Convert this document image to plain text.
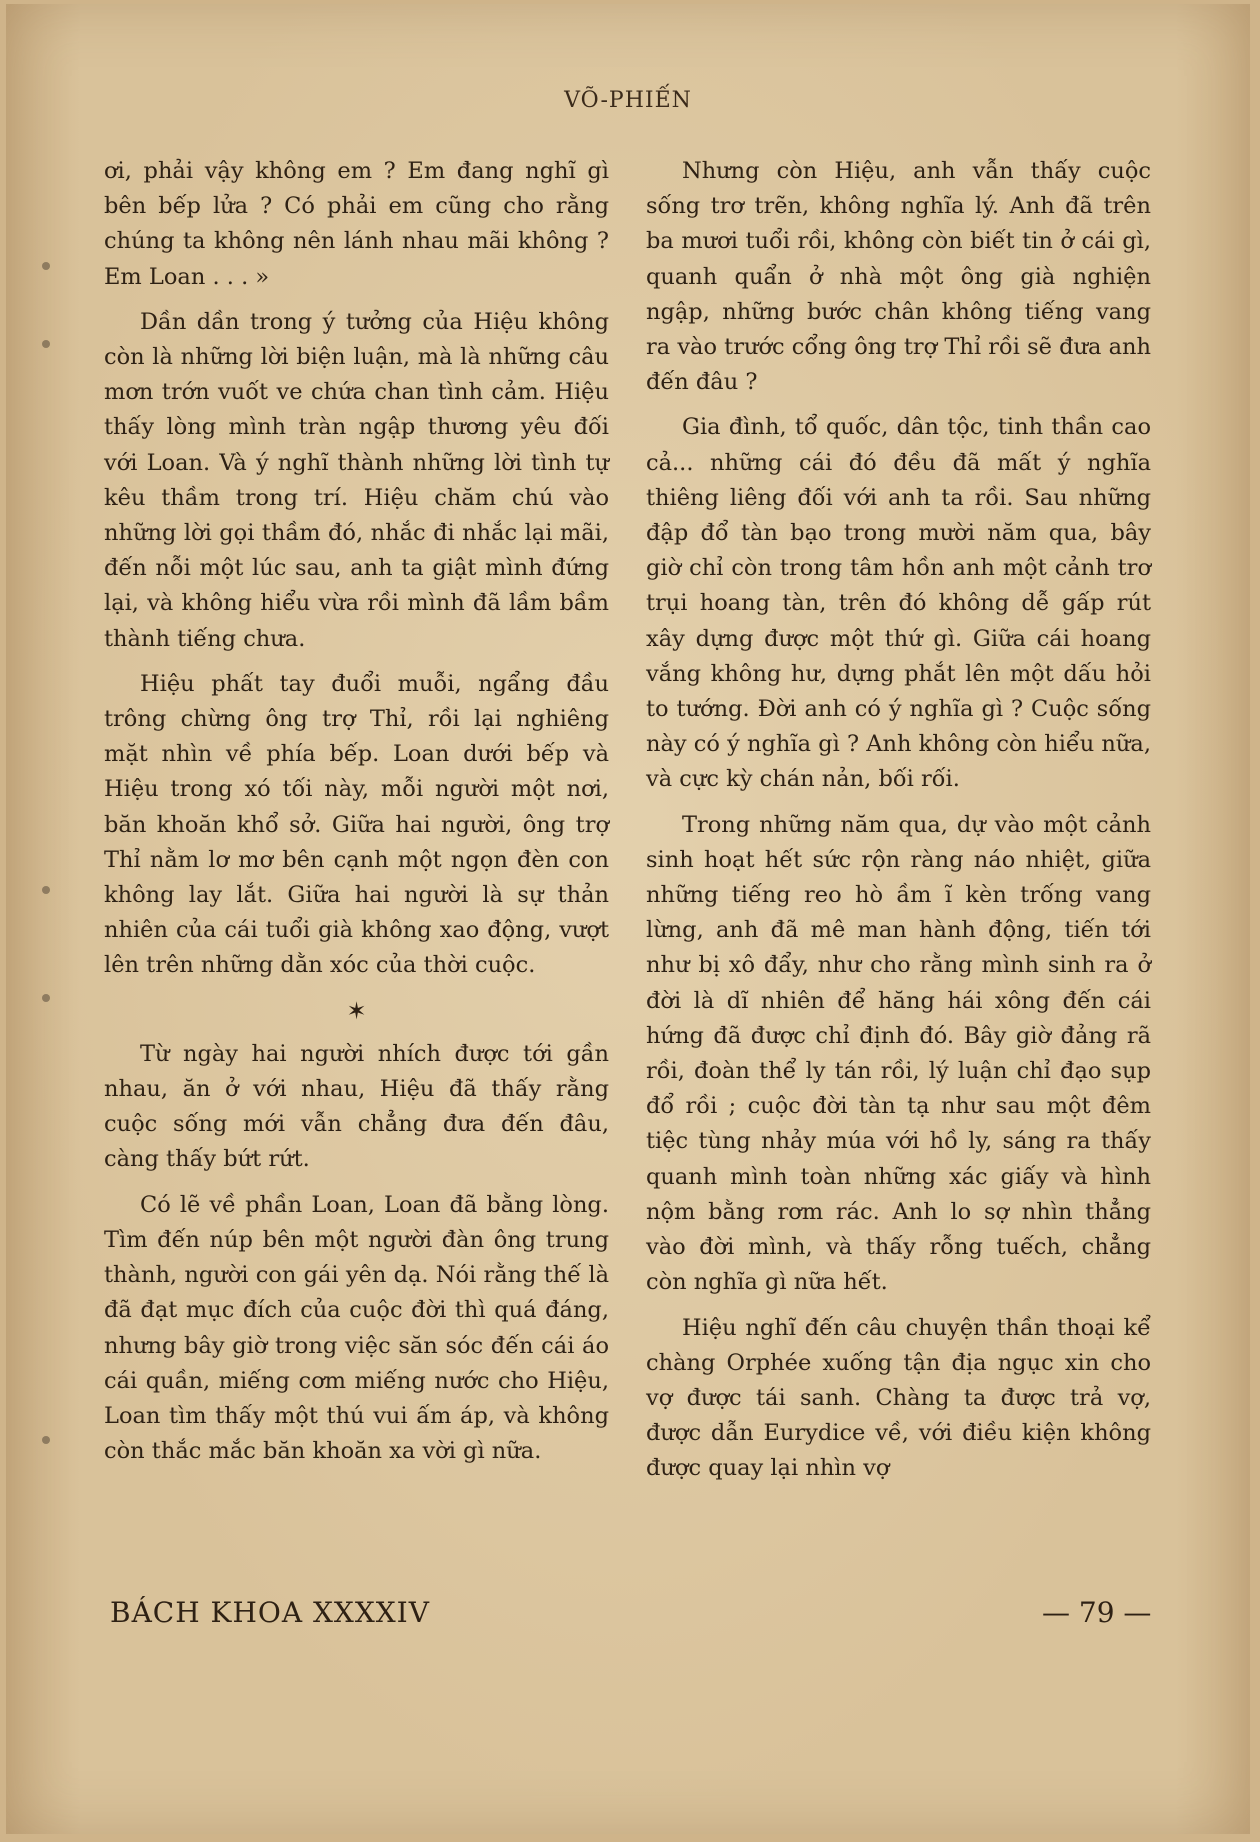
VÕ-PHIẾN

ơi, phải vậy không em ? Em đang nghĩ gì bên bếp lửa ? Có phải em cũng cho rằng chúng ta không nên lánh nhau mãi không ? Em Loan . . . »

Dần dần trong ý tưởng của Hiệu không còn là những lời biện luận, mà là những câu mơn trớn vuốt ve chứa chan tình cảm. Hiệu thấy lòng mình tràn ngập thương yêu đối với Loan. Và ý nghĩ thành những lời tình tự kêu thầm trong trí. Hiệu chăm chú vào những lời gọi thầm đó, nhắc đi nhắc lại mãi, đến nỗi một lúc sau, anh ta giật mình đứng lại, và không hiểu vừa rồi mình đã lầm bầm thành tiếng chưa.

Hiệu phất tay đuổi muỗi, ngẩng đầu trông chừng ông trợ Thỉ, rồi lại nghiêng mặt nhìn về phía bếp. Loan dưới bếp và Hiệu trong xó tối này, mỗi người một nơi, băn khoăn khổ sở. Giữa hai người, ông trợ Thỉ nằm lơ mơ bên cạnh một ngọn đèn con không lay lắt. Giữa hai người là sự thản nhiên của cái tuổi già không xao động, vượt lên trên những dằn xóc của thời cuộc.

✶

Từ ngày hai người nhích được tới gần nhau, ăn ở với nhau, Hiệu đã thấy rằng cuộc sống mới vẫn chẳng đưa đến đâu, càng thấy bứt rứt.

Có lẽ về phần Loan, Loan đã bằng lòng. Tìm đến núp bên một người đàn ông trung thành, người con gái yên dạ. Nói rằng thế là đã đạt mục đích của cuộc đời thì quá đáng, nhưng bây giờ trong việc săn sóc đến cái áo cái quần, miếng cơm miếng nước cho Hiệu, Loan tìm thấy một thú vui ấm áp, và không còn thắc mắc băn khoăn xa vời gì nữa.

Nhưng còn Hiệu, anh vẫn thấy cuộc sống trơ trẽn, không nghĩa lý. Anh đã trên ba mươi tuổi rồi, không còn biết tin ở cái gì, quanh quẩn ở nhà một ông già nghiện ngập, những bước chân không tiếng vang ra vào trước cổng ông trợ Thỉ rồi sẽ đưa anh đến đâu ?

Gia đình, tổ quốc, dân tộc, tinh thần cao cả... những cái đó đều đã mất ý nghĩa thiêng liêng đối với anh ta rồi. Sau những đập đổ tàn bạo trong mười năm qua, bây giờ chỉ còn trong tâm hồn anh một cảnh trơ trụi hoang tàn, trên đó không dễ gấp rút xây dựng được một thứ gì. Giữa cái hoang vắng không hư, dựng phắt lên một dấu hỏi to tướng. Đời anh có ý nghĩa gì ? Cuộc sống này có ý nghĩa gì ? Anh không còn hiểu nữa, và cực kỳ chán nản, bối rối.

Trong những năm qua, dự vào một cảnh sinh hoạt hết sức rộn ràng náo nhiệt, giữa những tiếng reo hò ầm ĩ kèn trống vang lừng, anh đã mê man hành động, tiến tới như bị xô đẩy, như cho rằng mình sinh ra ở đời là dĩ nhiên để hăng hái xông đến cái hứng đã được chỉ định đó. Bây giờ đảng rã rồi, đoàn thể ly tán rồi, lý luận chỉ đạo sụp đổ rồi ; cuộc đời tàn tạ như sau một đêm tiệc tùng nhảy múa với hồ ly, sáng ra thấy quanh mình toàn những xác giấy và hình nộm bằng rơm rác. Anh lo sợ nhìn thẳng vào đời mình, và thấy rỗng tuếch, chẳng còn nghĩa gì nữa hết.

Hiệu nghĩ đến câu chuyện thần thoại kể chàng Orphée xuống tận địa ngục xin cho vợ được tái sanh. Chàng ta được trả vợ, được dẫn Eurydice về, với điều kiện không được quay lại nhìn vợ

BÁCH KHOA XXXXIV	— 79 —
